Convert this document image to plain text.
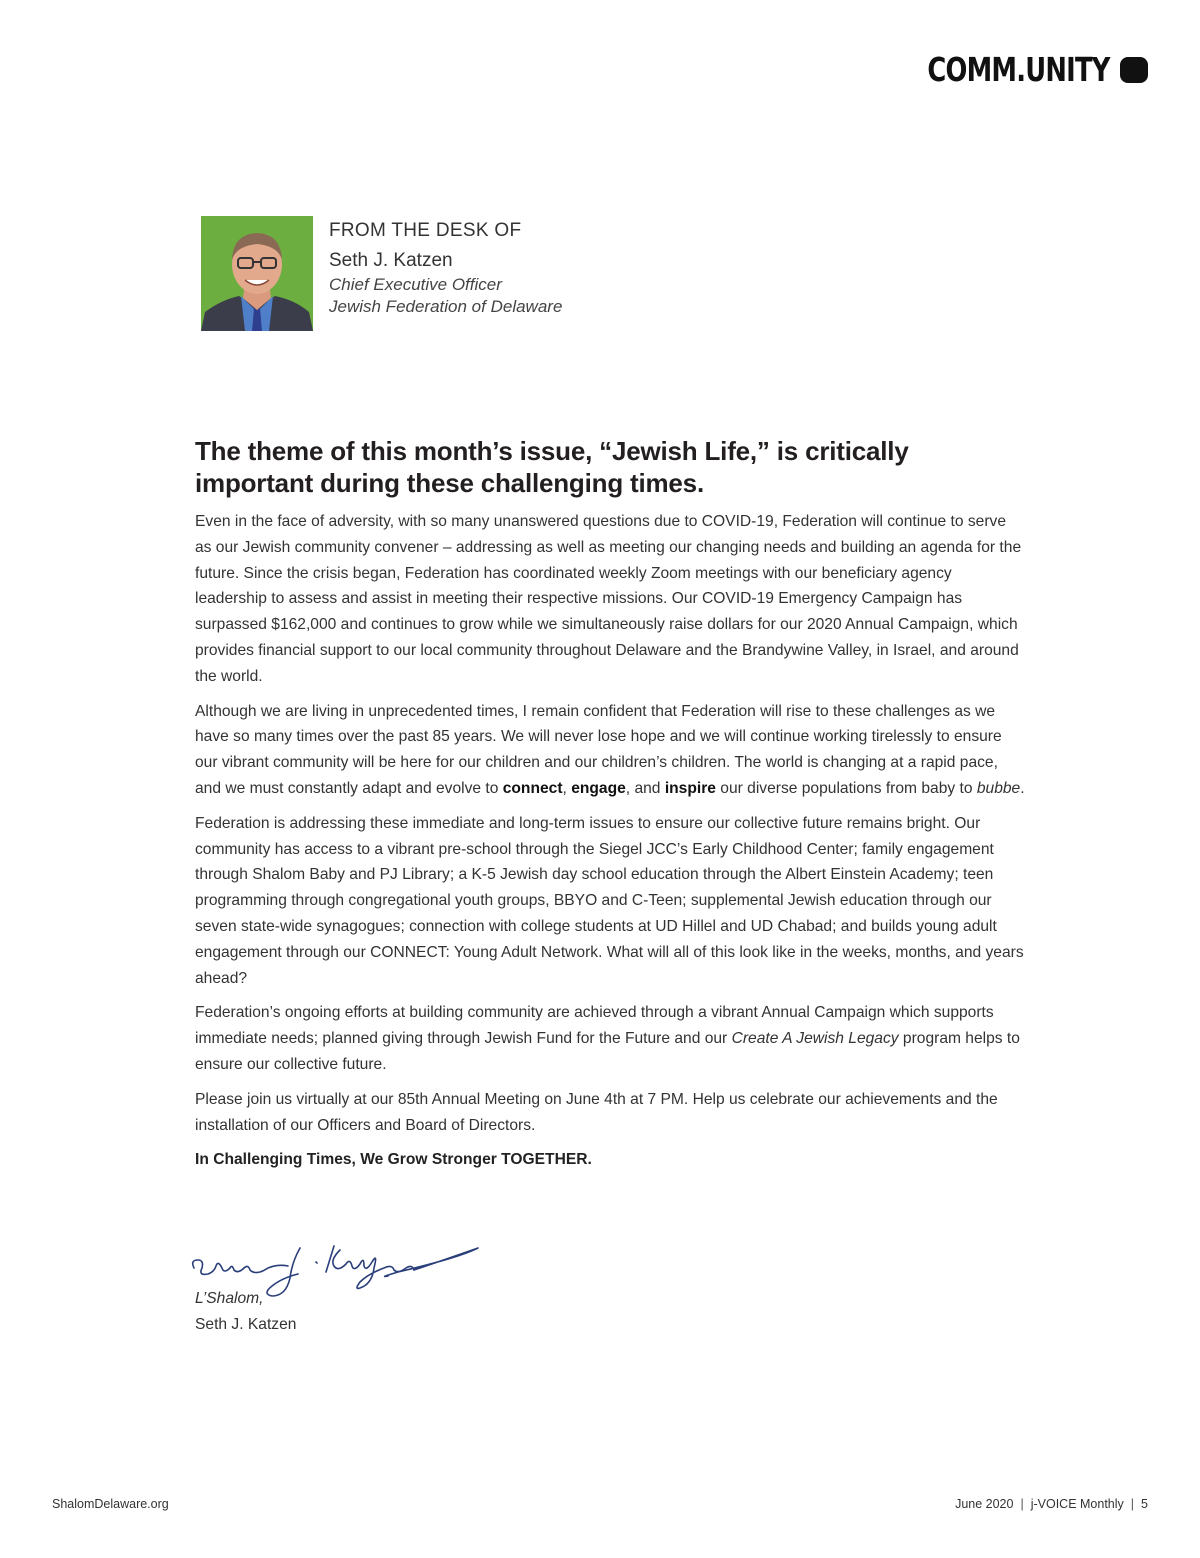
COMM.UNITY
FROM THE DESK OF
Seth J. Katzen
Chief Executive Officer
Jewish Federation of Delaware
The theme of this month’s issue, “Jewish Life,” is critically important during these challenging times.

Even in the face of adversity, with so many unanswered questions due to COVID-19, Federation will continue to serve as our Jewish community convener – addressing as well as meeting our changing needs and building an agenda for the future. Since the crisis began, Federation has coordinated weekly Zoom meetings with our beneficiary agency leadership to assess and assist in meeting their respective missions. Our COVID-19 Emergency Campaign has surpassed $162,000 and continues to grow while we simultaneously raise dollars for our 2020 Annual Campaign, which provides financial support to our local community throughout Delaware and the Brandywine Valley, in Israel, and around the world.

Although we are living in unprecedented times, I remain confident that Federation will rise to these challenges as we have so many times over the past 85 years. We will never lose hope and we will continue working tirelessly to ensure our vibrant community will be here for our children and our children’s children. The world is changing at a rapid pace, and we must constantly adapt and evolve to connect, engage, and inspire our diverse populations from baby to bubbe.

Federation is addressing these immediate and long-term issues to ensure our collective future remains bright. Our community has access to a vibrant pre-school through the Siegel JCC’s Early Childhood Center; family engagement through Shalom Baby and PJ Library; a K-5 Jewish day school education through the Albert Einstein Academy; teen programming through congregational youth groups, BBYO and C-Teen; supplemental Jewish education through our seven state-wide synagogues; connection with college students at UD Hillel and UD Chabad; and builds young adult engagement through our CONNECT: Young Adult Network. What will all of this look like in the weeks, months, and years ahead?

Federation’s ongoing efforts at building community are achieved through a vibrant Annual Campaign which supports immediate needs; planned giving through Jewish Fund for the Future and our Create A Jewish Legacy program helps to ensure our collective future.

Please join us virtually at our 85th Annual Meeting on June 4th at 7 PM. Help us celebrate our achievements and the installation of our Officers and Board of Directors.

In Challenging Times, We Grow Stronger TOGETHER.

L’Shalom,
Seth J. Katzen
ShalomDelaware.org	June 2020 | j-VOICE Monthly | 5
